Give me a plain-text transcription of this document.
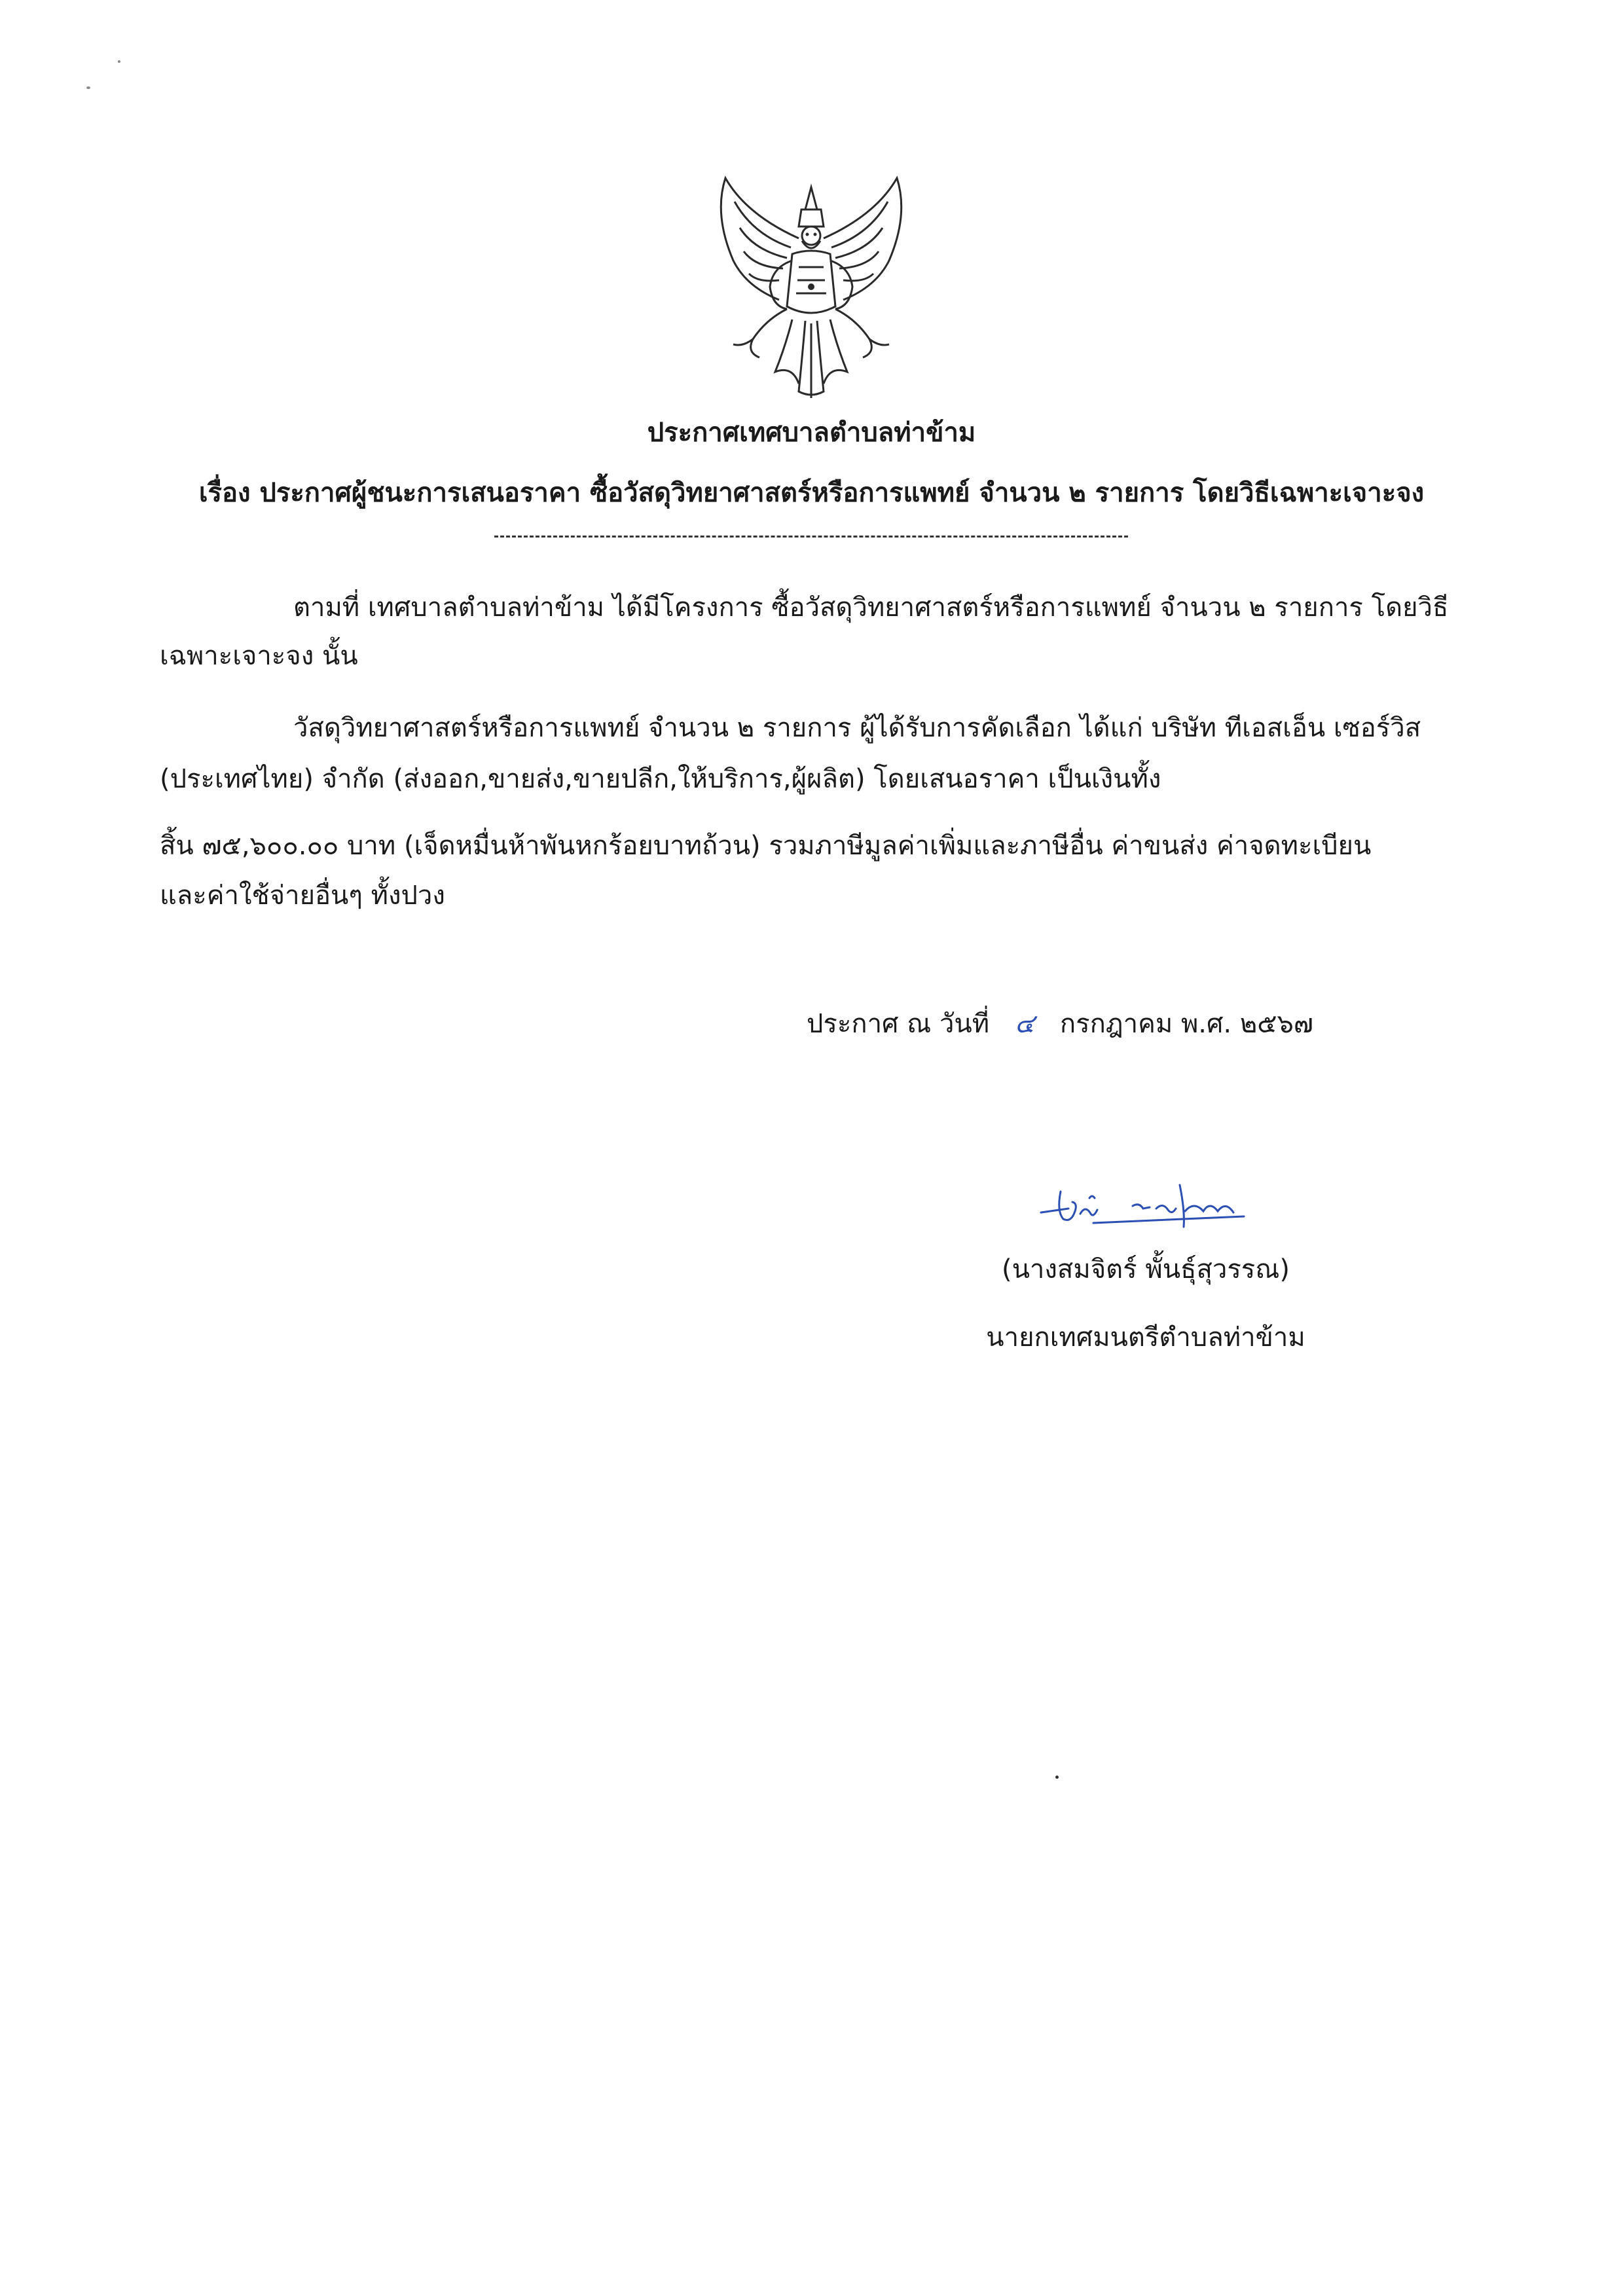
ประกาศเทศบาลตำบลท่าข้าม
เรื่อง ประกาศผู้ชนะการเสนอราคา ซื้อวัสดุวิทยาศาสตร์หรือการแพทย์ จำนวน ๒ รายการ โดยวิธีเฉพาะเจาะจง
ตามที่ เทศบาลตำบลท่าข้าม ได้มีโครงการ ซื้อวัสดุวิทยาศาสตร์หรือการแพทย์ จำนวน ๒ รายการ โดยวิธี
เฉพาะเจาะจง นั้น
วัสดุวิทยาศาสตร์หรือการแพทย์ จำนวน ๒ รายการ ผู้ได้รับการคัดเลือก ได้แก่ บริษัท ทีเอสเอ็น เซอร์วิส
(ประเทศไทย) จำกัด (ส่งออก,ขายส่ง,ขายปลีก,ให้บริการ,ผู้ผลิต) โดยเสนอราคา เป็นเงินทั้ง
สิ้น ๗๕,๖๐๐.๐๐ บาท (เจ็ดหมื่นห้าพันหกร้อยบาทถ้วน) รวมภาษีมูลค่าเพิ่มและภาษีอื่น ค่าขนส่ง ค่าจดทะเบียน
และค่าใช้จ่ายอื่นๆ ทั้งปวง
ประกาศ ณ วันที่ ๔ กรกฎาคม พ.ศ. ๒๕๖๗
(นางสมจิตร์ พั้นธุ์สุวรรณ)
นายกเทศมนตรีตำบลท่าข้าม
